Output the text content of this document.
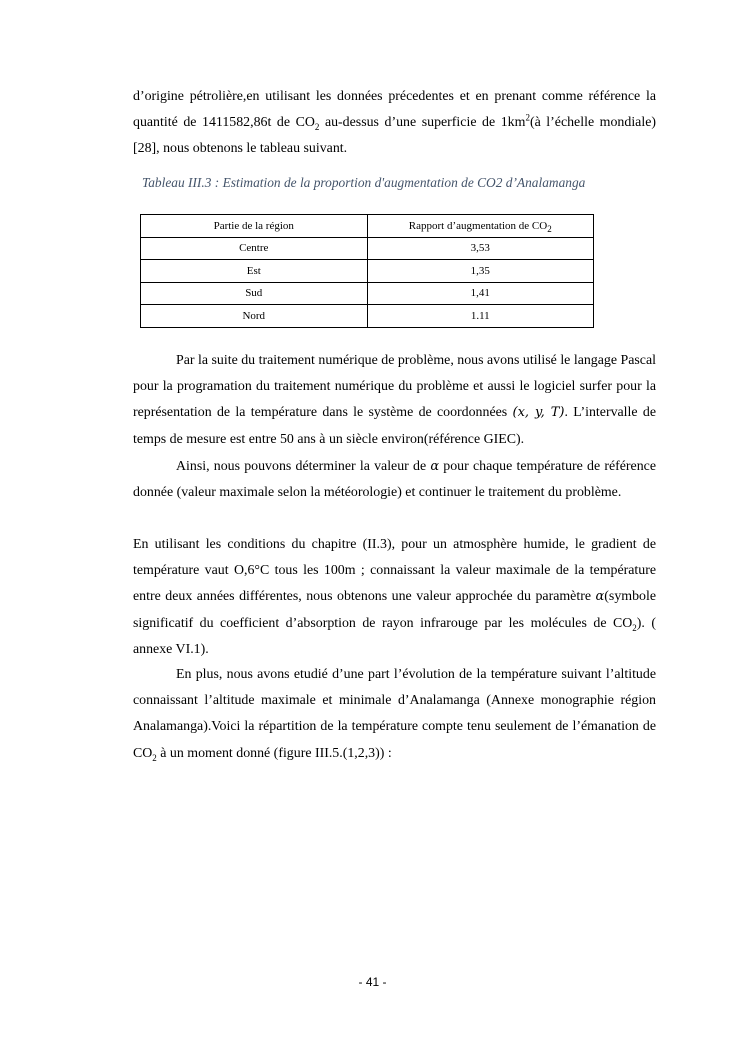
d’origine pétrolière,en utilisant les données précedentes et en prenant comme référence la quantité de 1411582,86t de $CO_2$ au-dessus d’une superficie de $1km^2(à$ l’échelle mondiale) [28], nous obtenons le tableau suivant.

Tableau III.3 : Estimation de la proportion d'augmentation de CO2 d’Analamanga

Partie de la région	Rapport d’augmentation de $CO_2$
Centre	3,53
Est	1,35
Sud	1,41
Nord	1.11

Par la suite du traitement numérique de problème, nous avons utilisé le langage Pascal pour la programation du traitement numérique du problème et aussi le logiciel surfer pour la représentation de la température dans le système de coordonnées (x, y, T). L’intervalle de temps de mesure est entre 50 ans à un siècle environ(référence GIEC).

Ainsi, nous pouvons déterminer la valeur de α pour chaque température de référence donnée (valeur maximale selon la météorologie) et continuer le traitement du problème.

En utilisant les conditions du chapitre (II.3), pour un atmosphère humide, le gradient de température vaut O,6°C tous les 100m ; connaissant la valeur maximale de la température entre deux années différentes, nous obtenons une valeur approchée du paramètre α(symbole significatif du coefficient d’absorption de rayon infrarouge par les molécules de $CO_2$). ( annexe VI.1).

En plus, nous avons etudié d’une part l’évolution de la température suivant l’altitude connaissant l’altitude maximale et minimale d’Analamanga (Annexe monographie région Analamanga).Voici la répartition de la température compte tenu seulement de l’émanation de $CO_2$ à un moment donné (figure III.5.(1,2,3)) :

- 41 -
